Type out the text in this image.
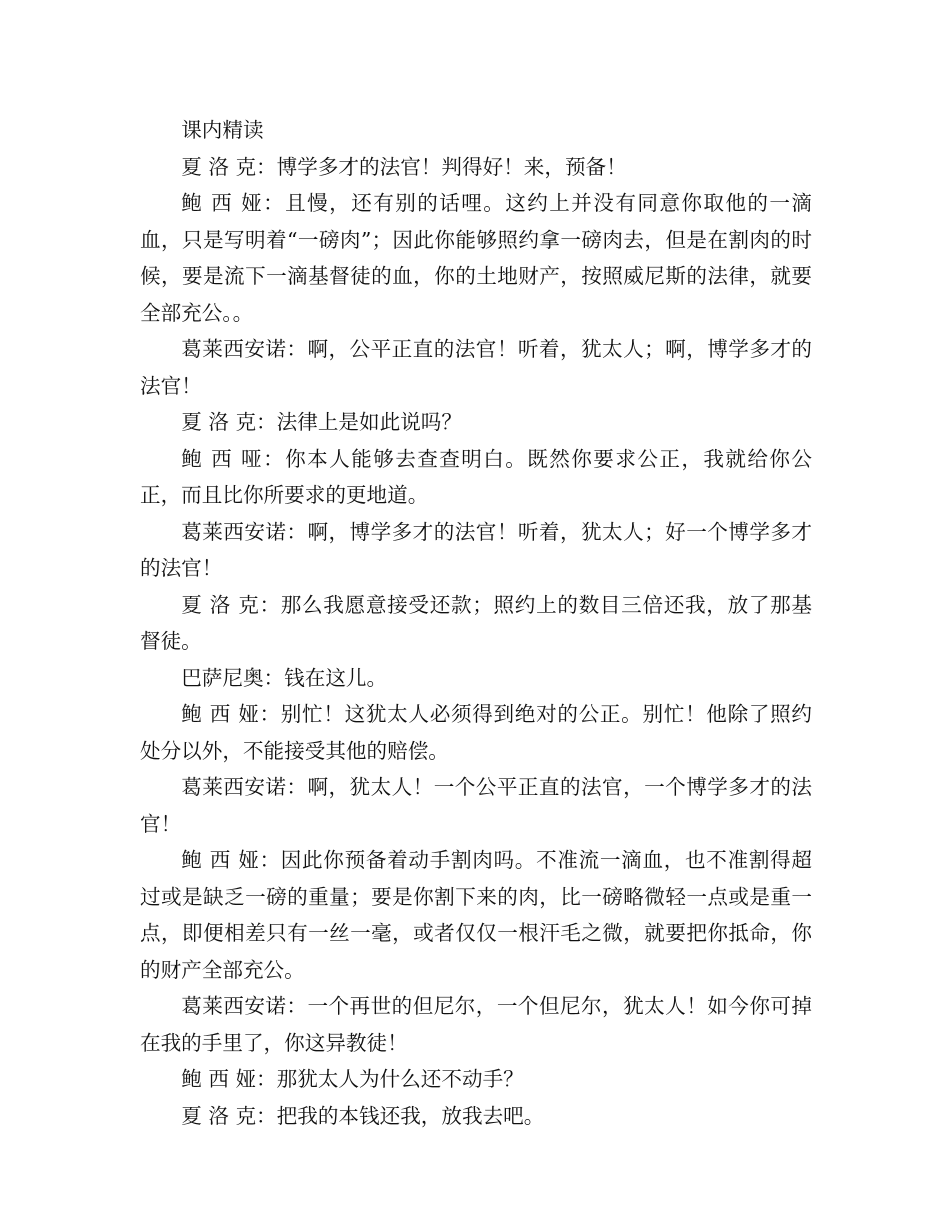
课内精读

夏 洛 克：博学多才的法官！判得好！来，预备！

鲍 西 娅：且慢，还有别的话哩。这约上并没有同意你取他的一滴血，只是写明着“一磅肉”；因此你能够照约拿一磅肉去，但是在割肉的时候，要是流下一滴基督徒的血，你的土地财产，按照威尼斯的法律，就要全部充公。。

葛莱西安诺：啊，公平正直的法官！听着，犹太人；啊，博学多才的法官！

夏 洛 克：法律上是如此说吗？

鲍 西 哑：你本人能够去查查明白。既然你要求公正，我就给你公正，而且比你所要求的更地道。

葛莱西安诺：啊，博学多才的法官！听着，犹太人；好一个博学多才的法官！

夏 洛 克：那么我愿意接受还款；照约上的数目三倍还我，放了那基督徒。

巴萨尼奥：钱在这儿。

鲍 西 娅：别忙！这犹太人必须得到绝对的公正。别忙！他除了照约处分以外，不能接受其他的赔偿。

葛莱西安诺：啊，犹太人！一个公平正直的法官，一个博学多才的法官！

鲍 西 娅：因此你预备着动手割肉吗。不准流一滴血，也不准割得超过或是缺乏一磅的重量；要是你割下来的肉，比一磅略微轻一点或是重一点，即便相差只有一丝一毫，或者仅仅一根汗毛之微，就要把你抵命，你的财产全部充公。

葛莱西安诺：一个再世的但尼尔，一个但尼尔，犹太人！如今你可掉在我的手里了，你这异教徒！

鲍 西 娅：那犹太人为什么还不动手？

夏 洛 克：把我的本钱还我，放我去吧。
